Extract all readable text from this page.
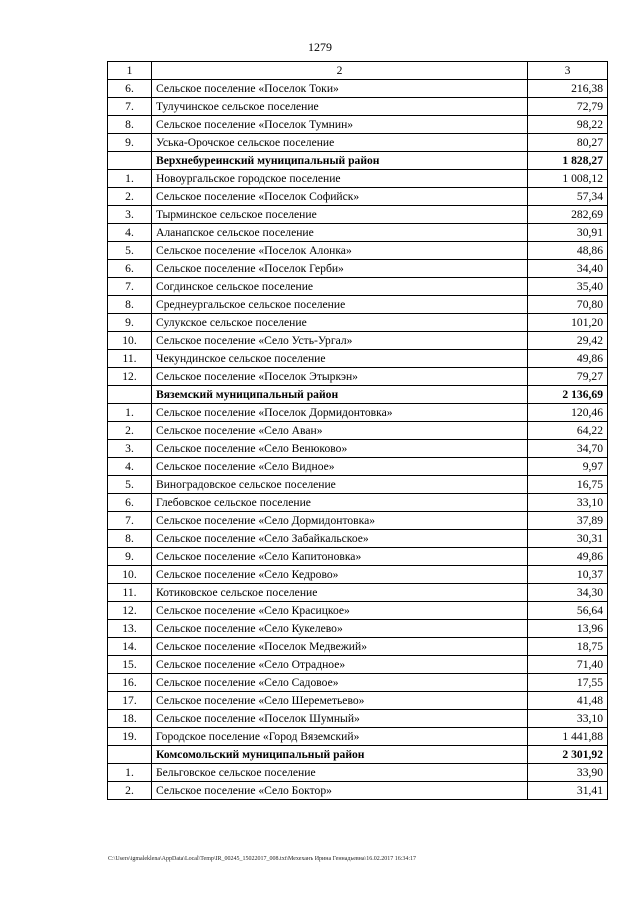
1279
1	2	3
6.	Сельское поселение «Поселок Токи»	216,38
7.	Тулучинское сельское поселение	72,79
8.	Сельское поселение «Поселок Тумнин»	98,22
9.	Уська-Орочское сельское поселение	80,27
	Верхнебуреинский муниципальный район	1 828,27
1.	Новоургальское городское поселение	1 008,12
2.	Сельское поселение «Поселок Софийск»	57,34
3.	Тырминское сельское поселение	282,69
4.	Аланапское сельское поселение	30,91
5.	Сельское поселение «Поселок Алонка»	48,86
6.	Сельское поселение «Поселок Герби»	34,40
7.	Согдинское сельское поселение	35,40
8.	Среднеургальское сельское поселение	70,80
9.	Сулукское сельское поселение	101,20
10.	Сельское поселение «Село Усть-Ургал»	29,42
11.	Чекундинское сельское поселение	49,86
12.	Сельское поселение «Поселок Этыркэн»	79,27
	Вяземский муниципальный район	2 136,69
1.	Сельское поселение «Поселок Дормидонтовка»	120,46
2.	Сельское поселение «Село Аван»	64,22
3.	Сельское поселение «Село Венюково»	34,70
4.	Сельское поселение «Село Видное»	9,97
5.	Виноградовское сельское поселение	16,75
6.	Глебовское сельское поселение	33,10
7.	Сельское поселение «Село Дормидонтовка»	37,89
8.	Сельское поселение «Село Забайкальское»	30,31
9.	Сельское поселение «Село Капитоновка»	49,86
10.	Сельское поселение «Село Кедрово»	10,37
11.	Котиковское сельское поселение	34,30
12.	Сельское поселение «Село Красицкое»	56,64
13.	Сельское поселение «Село Кукелево»	13,96
14.	Сельское поселение «Поселок Медвежий»	18,75
15.	Сельское поселение «Село Отрадное»	71,40
16.	Сельское поселение «Село Садовое»	17,55
17.	Сельское поселение «Село Шереметьево»	41,48
18.	Сельское поселение «Поселок Шумный»	33,10
19.	Городское поселение «Город Вяземский»	1 441,88
	Комсомольский муниципальный район	2 301,92
1.	Бельговское сельское поселение	33,90
2.	Сельское поселение «Село Боктор»	31,41
C:\Users\igmaleklena\AppData\Local\Temp\IR_00245_15022017_008.txt\Мехеханъ Ирина Геннадьевна\16.02.2017 16:34:17
